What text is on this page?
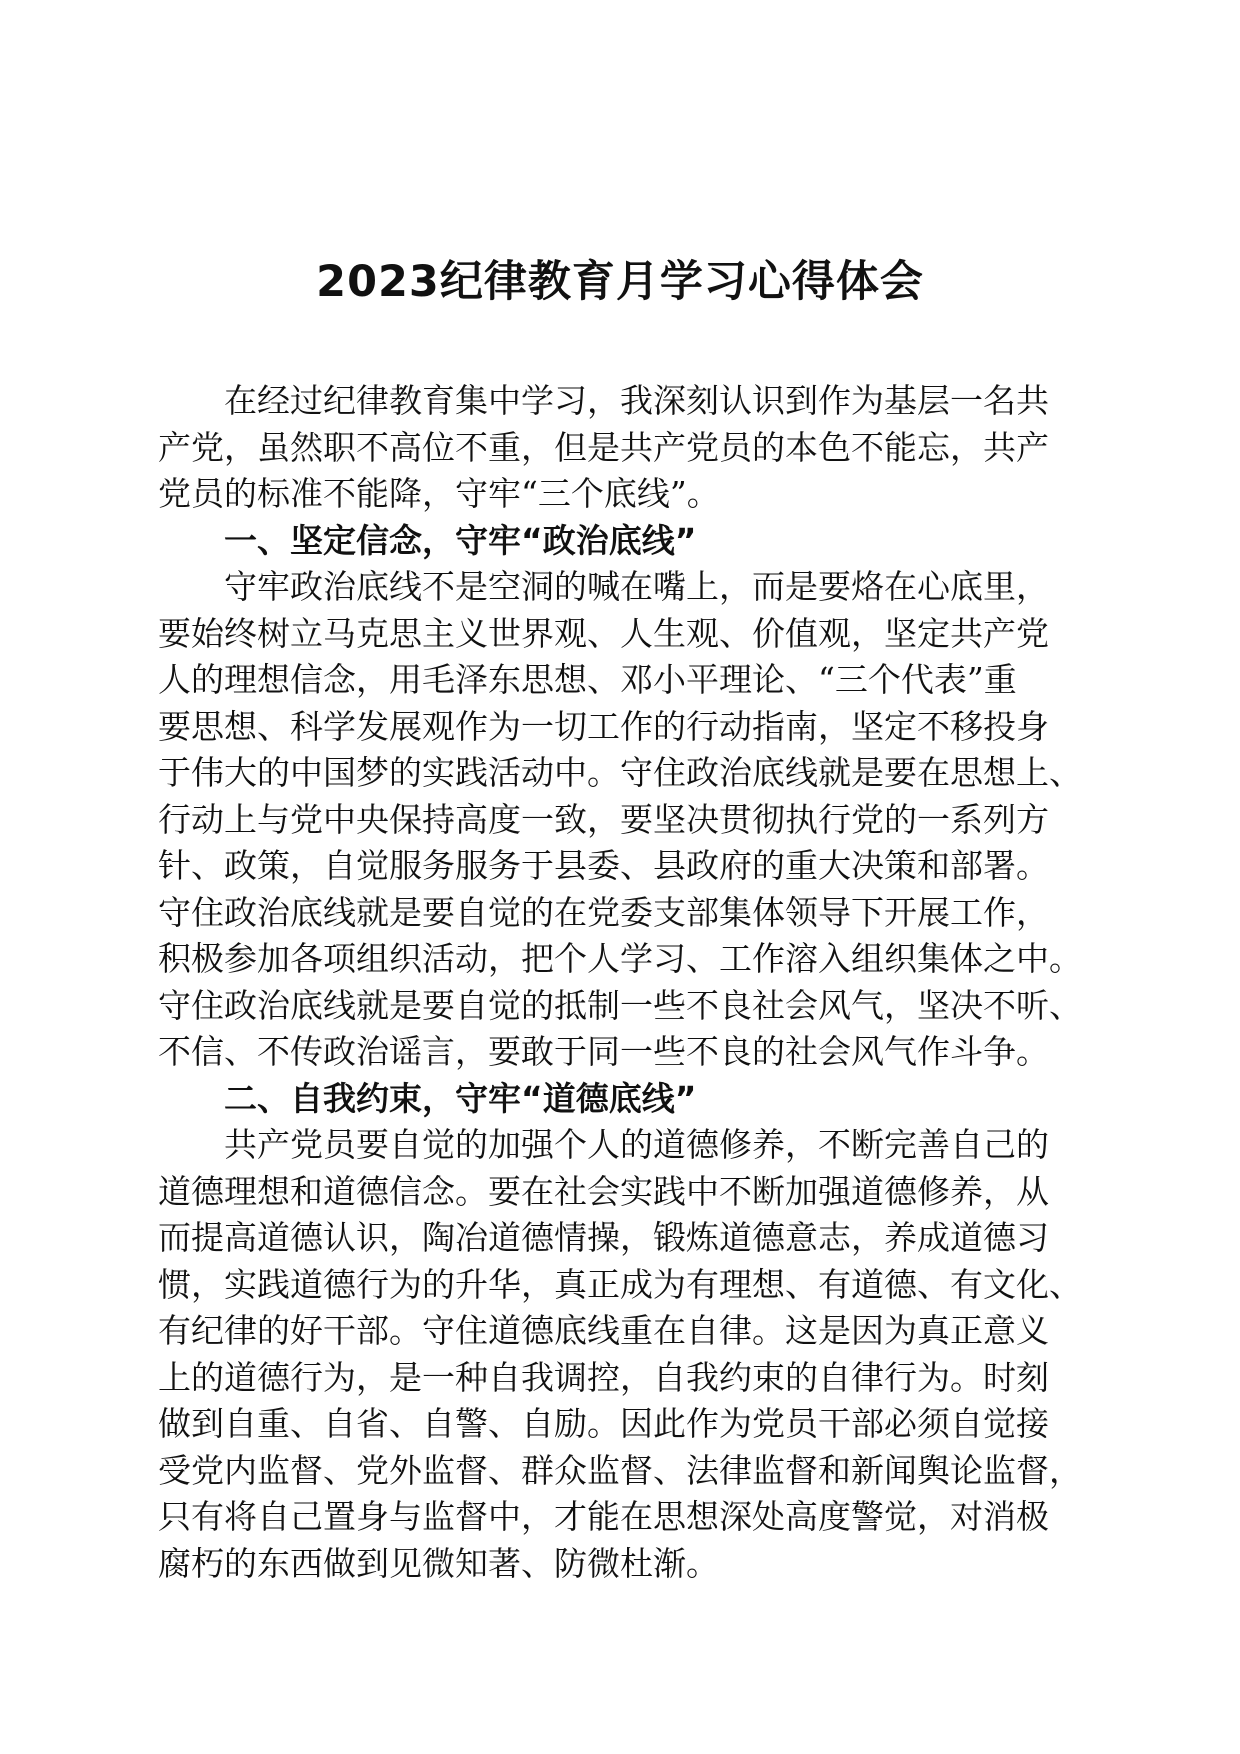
2023纪律教育月学习心得体会

在经过纪律教育集中学习，我深刻认识到作为基层一名共
产党，虽然职不高位不重，但是共产党员的本色不能忘，共产
党员的标准不能降，守牢“三个底线”。

一、坚定信念，守牢“政治底线”

守牢政治底线不是空洞的喊在嘴上，而是要烙在心底里，
要始终树立马克思主义世界观、人生观、价值观，坚定共产党
人的理想信念，用毛泽东思想、邓小平理论、“三个代表”重
要思想、科学发展观作为一切工作的行动指南，坚定不移投身
于伟大的中国梦的实践活动中。守住政治底线就是要在思想上、
行动上与党中央保持高度一致，要坚决贯彻执行党的一系列方
针、政策，自觉服务服务于县委、县政府的重大决策和部署。
守住政治底线就是要自觉的在党委支部集体领导下开展工作，
积极参加各项组织活动，把个人学习、工作溶入组织集体之中。
守住政治底线就是要自觉的抵制一些不良社会风气，坚决不听、
不信、不传政治谣言，要敢于同一些不良的社会风气作斗争。

二、自我约束，守牢“道德底线”

共产党员要自觉的加强个人的道德修养，不断完善自己的
道德理想和道德信念。要在社会实践中不断加强道德修养，从
而提高道德认识，陶冶道德情操，锻炼道德意志，养成道德习
惯，实践道德行为的升华，真正成为有理想、有道德、有文化、
有纪律的好干部。守住道德底线重在自律。这是因为真正意义
上的道德行为，是一种自我调控，自我约束的自律行为。时刻
做到自重、自省、自警、自励。因此作为党员干部必须自觉接
受党内监督、党外监督、群众监督、法律监督和新闻舆论监督，
只有将自己置身与监督中，才能在思想深处高度警觉，对消极
腐朽的东西做到见微知著、防微杜渐。
